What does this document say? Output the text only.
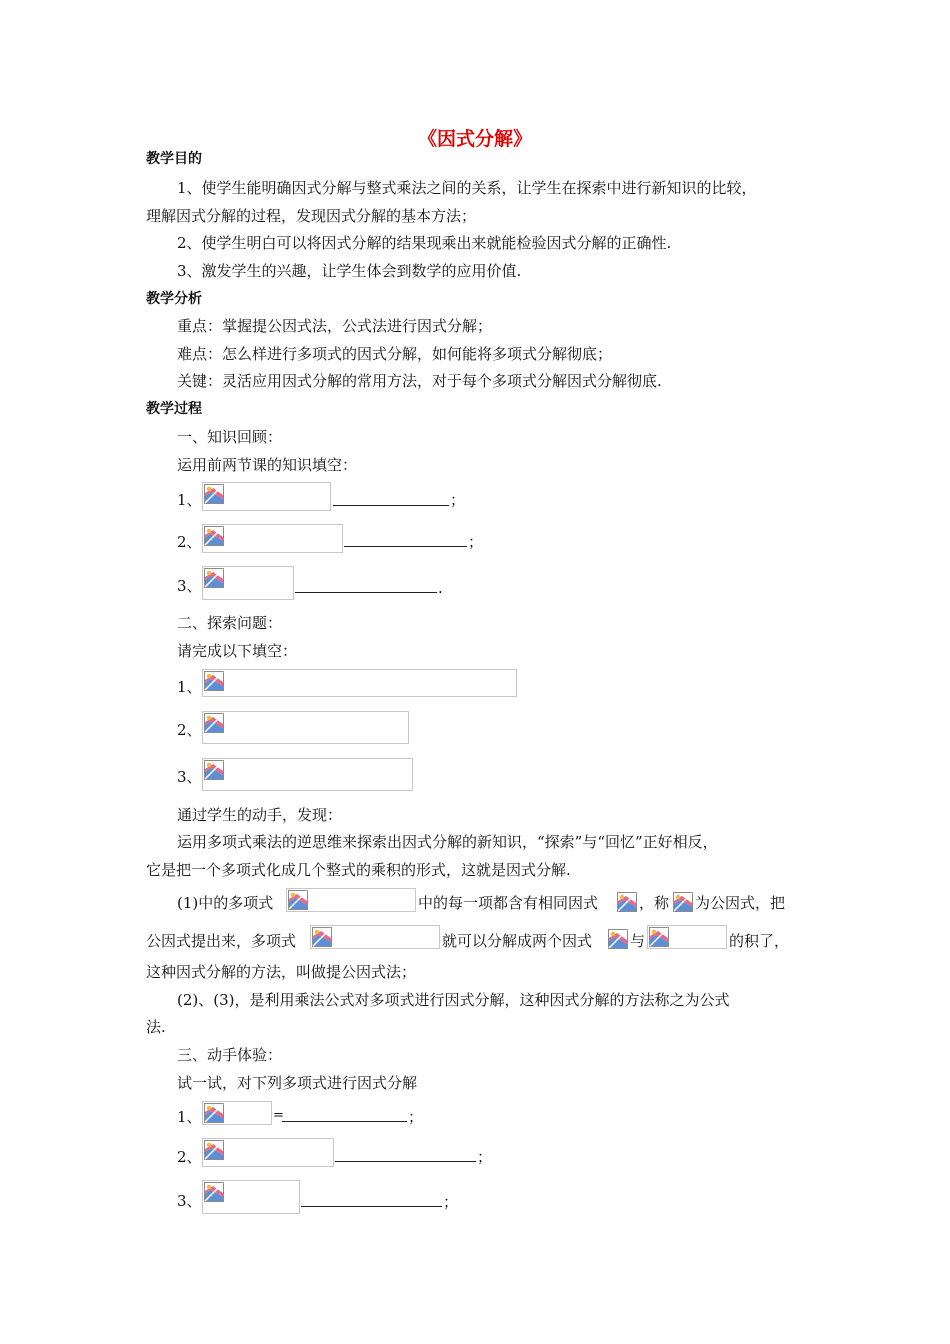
《因式分解》
教学目的
1、使学生能明确因式分解与整式乘法之间的关系，让学生在探索中进行新知识的比较，
理解因式分解的过程，发现因式分解的基本方法；
2、使学生明白可以将因式分解的结果现乘出来就能检验因式分解的正确性.
3、激发学生的兴趣，让学生体会到数学的应用价值.
教学分析
重点：掌握提公因式法，公式法进行因式分解；
难点：怎么样进行多项式的因式分解，如何能将多项式分解彻底；
关键：灵活应用因式分解的常用方法，对于每个多项式分解因式分解彻底.
教学过程
一、知识回顾：
运用前两节课的知识填空：
1、	；
2、	；
3、	.
二、探索问题：
请完成以下填空：
1、
2、
3、
通过学生的动手，发现：
运用多项式乘法的逆思维来探索出因式分解的新知识，“探索”与“回忆”正好相反，
它是把一个多项式化成几个整式的乘积的形式，这就是因式分解.
(1)中的多项式	中的每一项都含有相同因式	，称 为公因式，把
公因式提出来，多项式	就可以分解成两个因式	与	的积了，
这种因式分解的方法，叫做提公因式法；
(2)、(3)，是利用乘法公式对多项式进行因式分解，这种因式分解的方法称之为公式
法.
三、动手体验：
试一试，对下列多项式进行因式分解
1、	=	；
2、	；
3、	；
